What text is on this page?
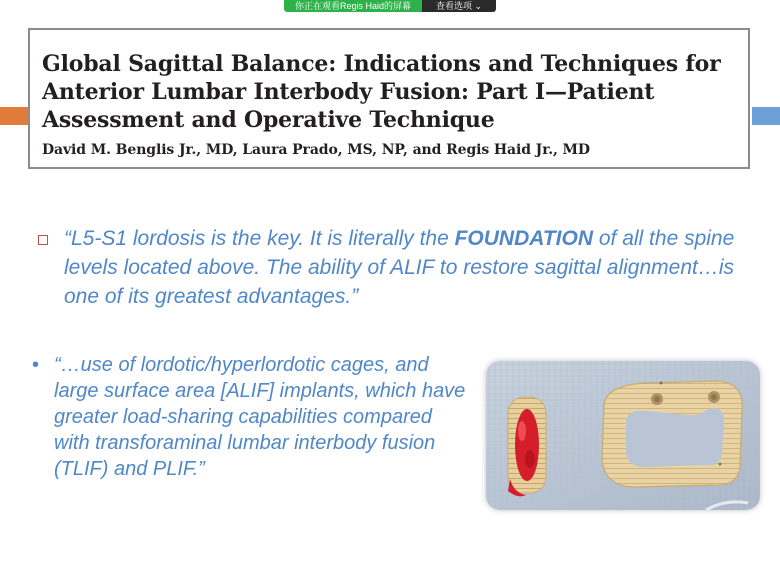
你正在观看Regis Haid的屏幕	查看选项 ⌄
Global Sagittal Balance: Indications and Techniques for Anterior Lumbar Interbody Fusion: Part I—Patient Assessment and Operative Technique
David M. Benglis Jr., MD, Laura Prado, MS, NP, and Regis Haid Jr., MD
“L5-S1 lordosis is the key. It is literally the FOUNDATION of all the spine levels located above. The ability of ALIF to restore sagittal alignment…is one of its greatest advantages.”
• “…use of lordotic/hyperlordotic cages, and large surface area [ALIF] implants, which have greater load-sharing capabilities compared with transforaminal lumbar interbody fusion (TLIF) and PLIF.”
